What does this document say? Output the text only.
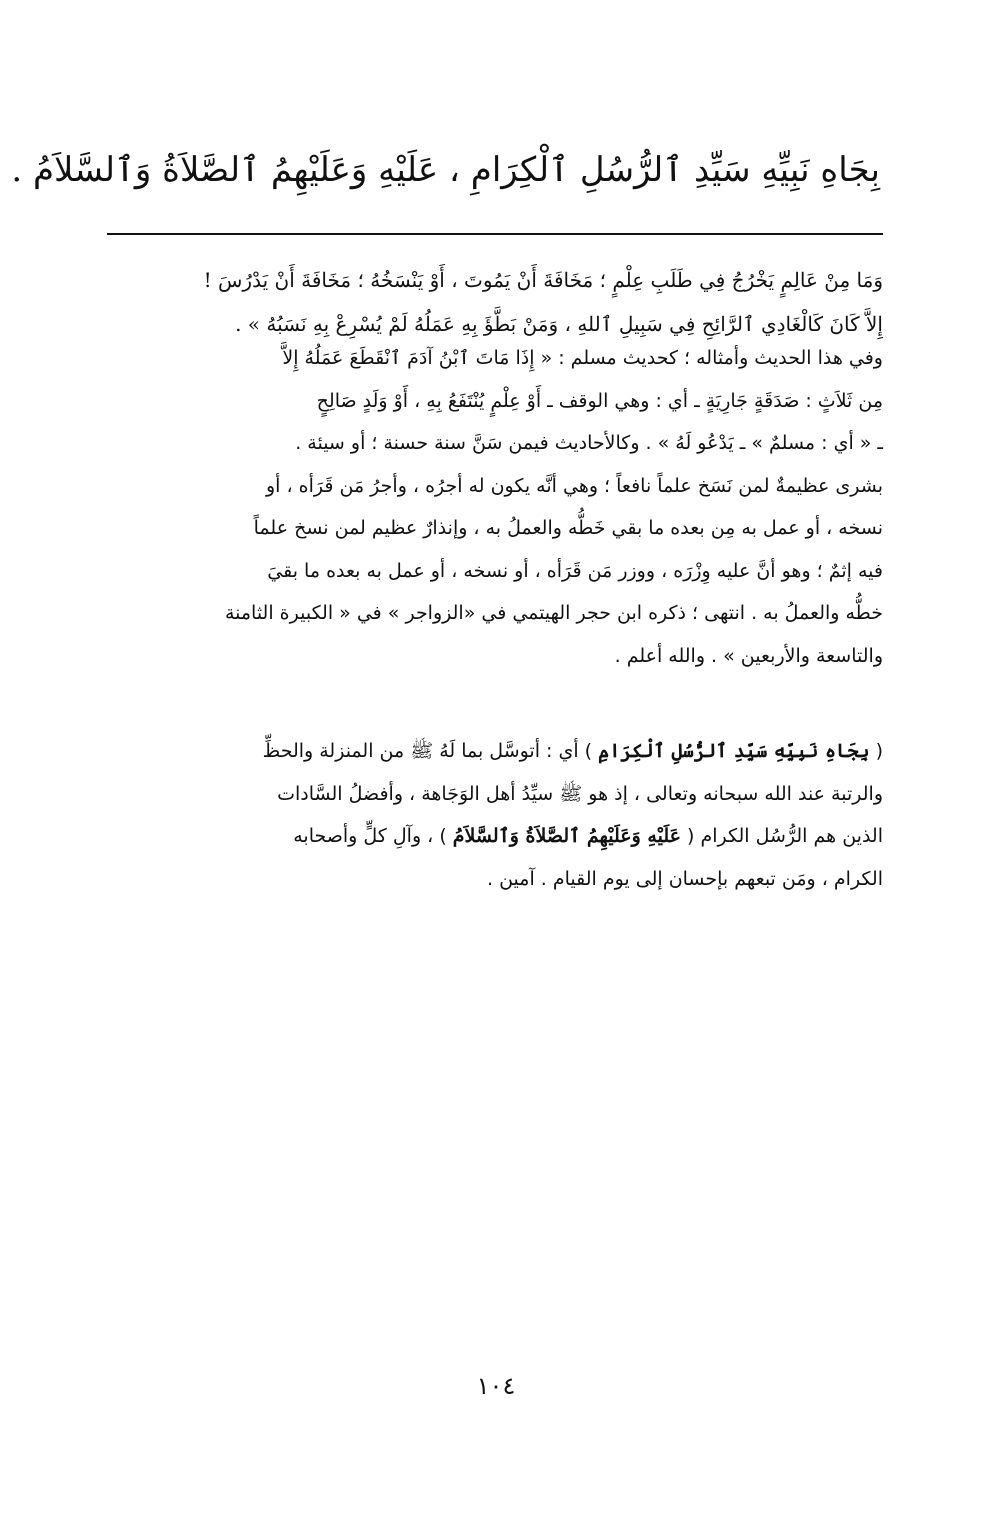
بِجَاهِ نَبِيِّهِ سَيِّدِ ٱلرُّسُلِ ٱلْكِرَامِ ، عَلَيْهِ وَعَلَيْهِمُ ٱلصَّلاَةُ وَٱلسَّلاَمُ .
وَمَا مِنْ عَالِمٍ يَخْرُجُ فِي طَلَبِ عِلْمٍ ؛ مَخَافَةَ أَنْ يَمُوتَ ، أَوْ يَنْسَخُهُ ؛ مَخَافَةَ أَنْ يَدْرُسَ !
إِلاَّ كَانَ كَالْغَادِي ٱلرَّائِحِ فِي سَبِيلِ ٱللهِ ، وَمَنْ بَطَّؤَ بِهِ عَمَلُهُ لَمْ يُسْرِعْ بِهِ نَسَبُهُ » .
وفي هذا الحديث وأمثاله ؛ كحديث مسلم : « إِذَا مَاتَ ٱبْنُ آدَمَ ٱنْقَطَعَ عَمَلُهُ إِلاَّ
مِن ثَلاَثٍ : صَدَقَةٍ جَارِيَةٍ ـ أي : وهي الوقف ـ أَوْ عِلْمٍ يُنْتَفَعُ بِهِ ، أَوْ وَلَدٍ صَالِحٍ
ـ « أي : مسلمٌ » ـ يَدْعُو لَهُ » . وكالأحاديث فيمن سَنَّ سنة حسنة ؛ أو سيئة .
بشرى عظيمةٌ لمن نَسَخ علماً نافعاً ؛ وهي أنَّه يكون له أجرُه ، وأجرُ مَن قَرَأه ، أو
نسخه ، أو عمل به مِن بعده ما بقي خَطُّه والعملُ به ، وإنذارٌ عظيم لمن نسخ علماً
فيه إثمٌ ؛ وهو أنَّ عليه وِزْرَه ، ووزر مَن قَرَأه ، أو نسخه ، أو عمل به بعده ما بقيَ
خطُّه والعملُ به . انتهى ؛ ذكره ابن حجر الهيتمي في «الزواجر » في « الكبيرة الثامنة
والتاسعة والأربعين » . والله أعلم .
( بِجَاهِ نَبِيِّهِ سَيِّدِ ٱلرُّسُلِ ٱلْكِرَامِ ) أي : أتوسَّل بما لَهُ ﷺ من المنزلة والحظِّ
والرتبة عند الله سبحانه وتعالى ، إذ هو ﷺ سيِّدُ أهل الوَجَاهة ، وأفضلُ السَّادات
الذين هم الرُّسُل الكرام ( عَلَيْهِ وَعَلَيْهِمُ ٱلصَّلاَةُ وَٱلسَّلاَمُ ) ، وآلِ كلٍّ وأصحابه
الكرام ، ومَن تبعهم بإحسان إلى يوم القيام . آمين .
١٠٤
